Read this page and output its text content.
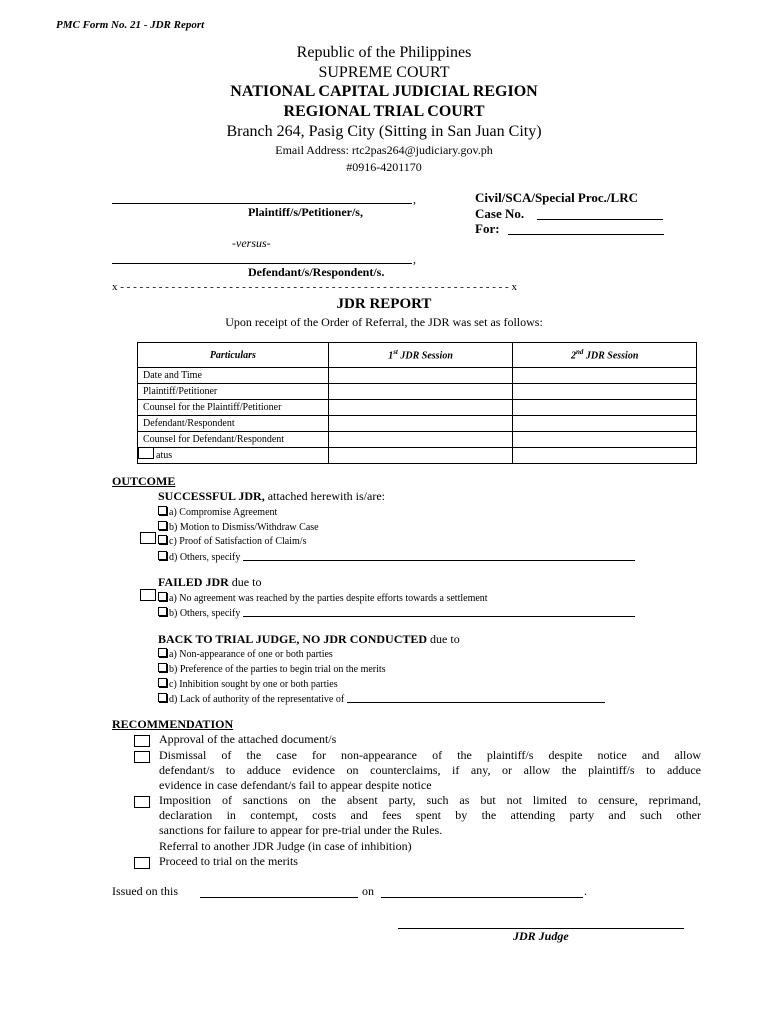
PMC Form No. 21 - JDR Report
Republic of the Philippines
SUPREME COURT
NATIONAL CAPITAL JUDICIAL REGION
REGIONAL TRIAL COURT
Branch 264, Pasig City (Sitting in San Juan City)
Email Address: rtc2pas264@judiciary.gov.ph
#0916-4201170
,
Plaintiff/s/Petitioner/s,
-versus-
,
Defendant/s/Respondent/s.
Civil/SCA/Special Proc./LRC
Case No.
For:
x - - - - - - - - - - - - - - - - - - - - - - - - - - - - - - - - - - - - - - - - - - - - - - - - - - - - - - - - - - - - - x
JDR REPORT
Upon receipt of the Order of Referral, the JDR was set as follows:
Particulars	1st JDR Session	2nd JDR Session
Date and Time		
Plaintiff/Petitioner		
Counsel for the Plaintiff/Petitioner		
Defendant/Respondent		
Counsel for Defendant/Respondent		
atus		
OUTCOME
SUCCESSFUL JDR, attached herewith is/are:
a) Compromise Agreement
b) Motion to Dismiss/Withdraw Case
c) Proof of Satisfaction of Claim/s
d) Others, specify
FAILED JDR due to
a) No agreement was reached by the parties despite efforts towards a settlement
b) Others, specify
BACK TO TRIAL JUDGE, NO JDR CONDUCTED due to
a) Non-appearance of one or both parties
b) Preference of the parties to begin trial on the merits
c) Inhibition sought by one or both parties
d) Lack of authority of the representative of
RECOMMENDATION
Approval of the attached document/s
Dismissal of the case for non-appearance of the plaintiff/s despite notice and allow
defendant/s to adduce evidence on counterclaims, if any, or allow the plaintiff/s to adduce
evidence in case defendant/s fail to appear despite notice
Imposition of sanctions on the absent party, such as but not limited to censure, reprimand,
declaration in contempt, costs and fees spent by the attending party and such other
sanctions for failure to appear for pre-trial under the Rules.
Referral to another JDR Judge (in case of inhibition)
Proceed to trial on the merits
Issued on this	on	.
JDR Judge
